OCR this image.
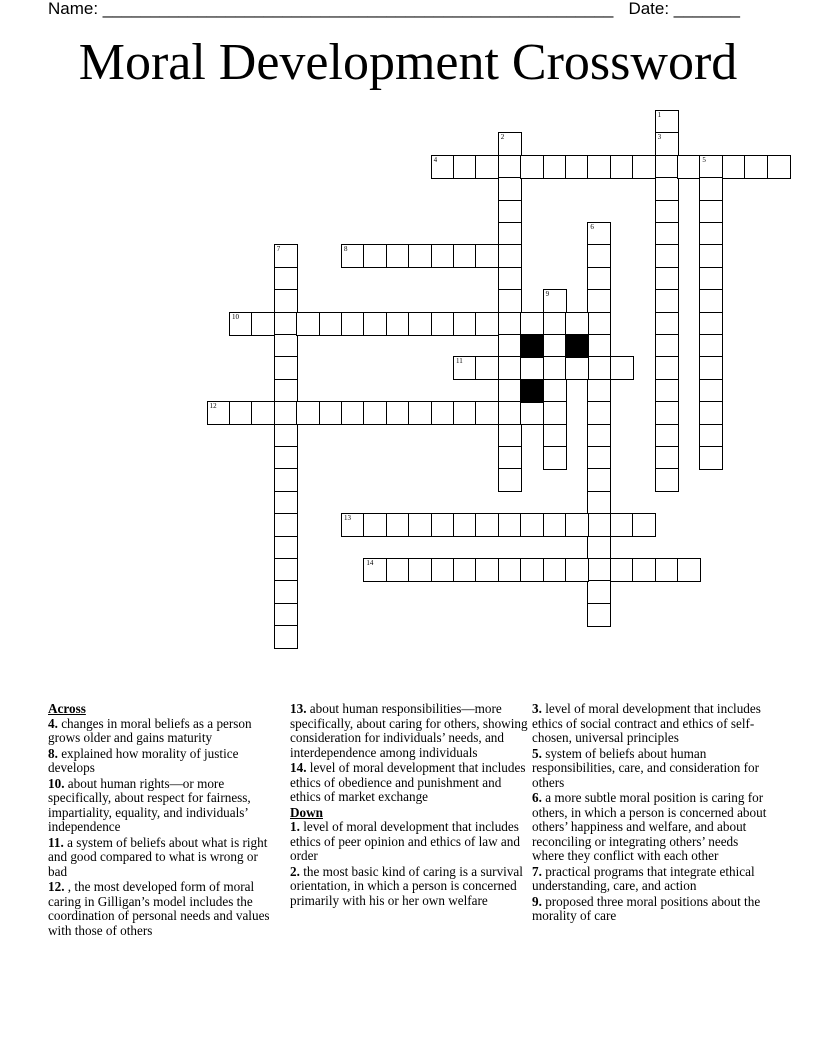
Name: ______________________________________________________ Date: _______
Moral Development Crossword
1
3
2
4	5
6
7	8
9
10
11
12
13
14
Across
4. changes in moral beliefs as a person grows older and gains maturity
8. explained how morality of justice develops
10. about human rights—or more specifically, about respect for fairness, impartiality, equality, and individuals’ independence
11. a system of beliefs about what is right and good compared to what is wrong or bad
12. , the most developed form of moral caring in Gilligan’s model includes the coordination of personal needs and values with those of others
13. about human responsibilities—more specifically, about caring for others, showing consideration for individuals’ needs, and interdependence among individuals
14. level of moral development that includes ethics of obedience and punishment and ethics of market exchange
Down
1. level of moral development that includes ethics of peer opinion and ethics of law and order
2. the most basic kind of caring is a survival orientation, in which a person is concerned primarily with his or her own welfare
3. level of moral development that includes ethics of social contract and ethics of self-chosen, universal principles
5. system of beliefs about human responsibilities, care, and consideration for others
6. a more subtle moral position is caring for others, in which a person is concerned about others’ happiness and welfare, and about reconciling or integrating others’ needs where they conflict with each other
7. practical programs that integrate ethical understanding, care, and action
9. proposed three moral positions about the morality of care
